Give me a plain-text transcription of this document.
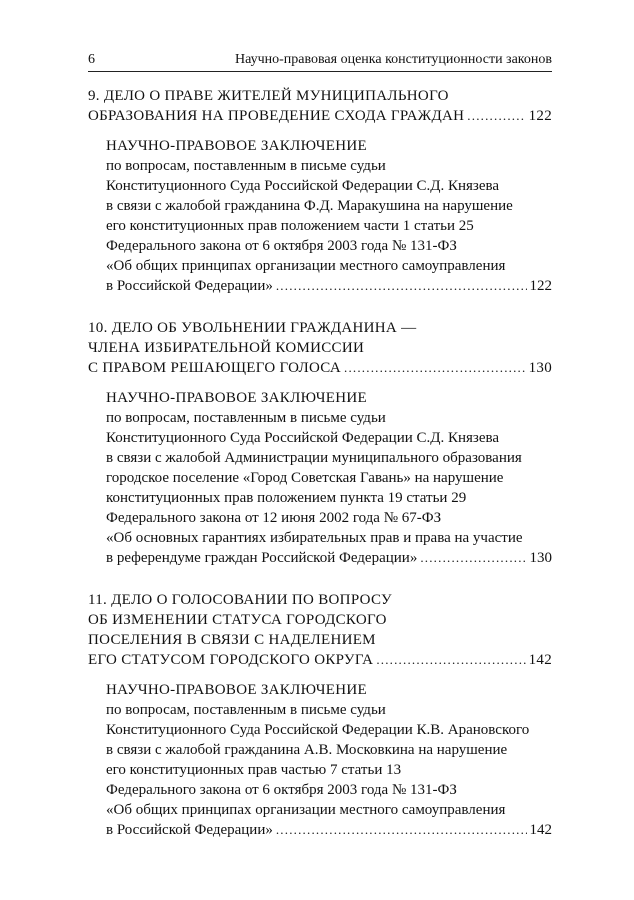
6	Научно-правовая оценка конституционности законов
9. ДЕЛО О ПРАВЕ ЖИТЕЛЕЙ МУНИЦИПАЛЬНОГО
ОБРАЗОВАНИЯ НА ПРОВЕДЕНИЕ СХОДА ГРАЖДАН .....	122
НАУЧНО-ПРАВОВОЕ ЗАКЛЮЧЕНИЕ
по вопросам, поставленным в письме судьи
Конституционного Суда Российской Федерации С.Д. Князева
в связи с жалобой гражданина Ф.Д. Маракушина на нарушение
его конституционных прав положением части 1 статьи 25
Федерального закона от 6 октября 2003 года № 131-ФЗ
«Об общих принципах организации местного самоуправления
в Российской Федерации» .....	122
10. ДЕЛО ОБ УВОЛЬНЕНИИ ГРАЖДАНИНА —
ЧЛЕНА ИЗБИРАТЕЛЬНОЙ КОМИССИИ
С ПРАВОМ РЕШАЮЩЕГО ГОЛОСА .....	130
НАУЧНО-ПРАВОВОЕ ЗАКЛЮЧЕНИЕ
по вопросам, поставленным в письме судьи
Конституционного Суда Российской Федерации С.Д. Князева
в связи с жалобой Администрации муниципального образования
городское поселение «Город Советская Гавань» на нарушение
конституционных прав положением пункта 19 статьи 29
Федерального закона от 12 июня 2002 года № 67-ФЗ
«Об основных гарантиях избирательных прав и права на участие
в референдуме граждан Российской Федерации» .....	130
11. ДЕЛО О ГОЛОСОВАНИИ ПО ВОПРОСУ
ОБ ИЗМЕНЕНИИ СТАТУСА ГОРОДСКОГО
ПОСЕЛЕНИЯ В СВЯЗИ С НАДЕЛЕНИЕМ
ЕГО СТАТУСОМ ГОРОДСКОГО ОКРУГА .....	142
НАУЧНО-ПРАВОВОЕ ЗАКЛЮЧЕНИЕ
по вопросам, поставленным в письме судьи
Конституционного Суда Российской Федерации К.В. Арановского
в связи с жалобой гражданина А.В. Московкина на нарушение
его конституционных прав частью 7 статьи 13
Федерального закона от 6 октября 2003 года № 131-ФЗ
«Об общих принципах организации местного самоуправления
в Российской Федерации» .....	142
